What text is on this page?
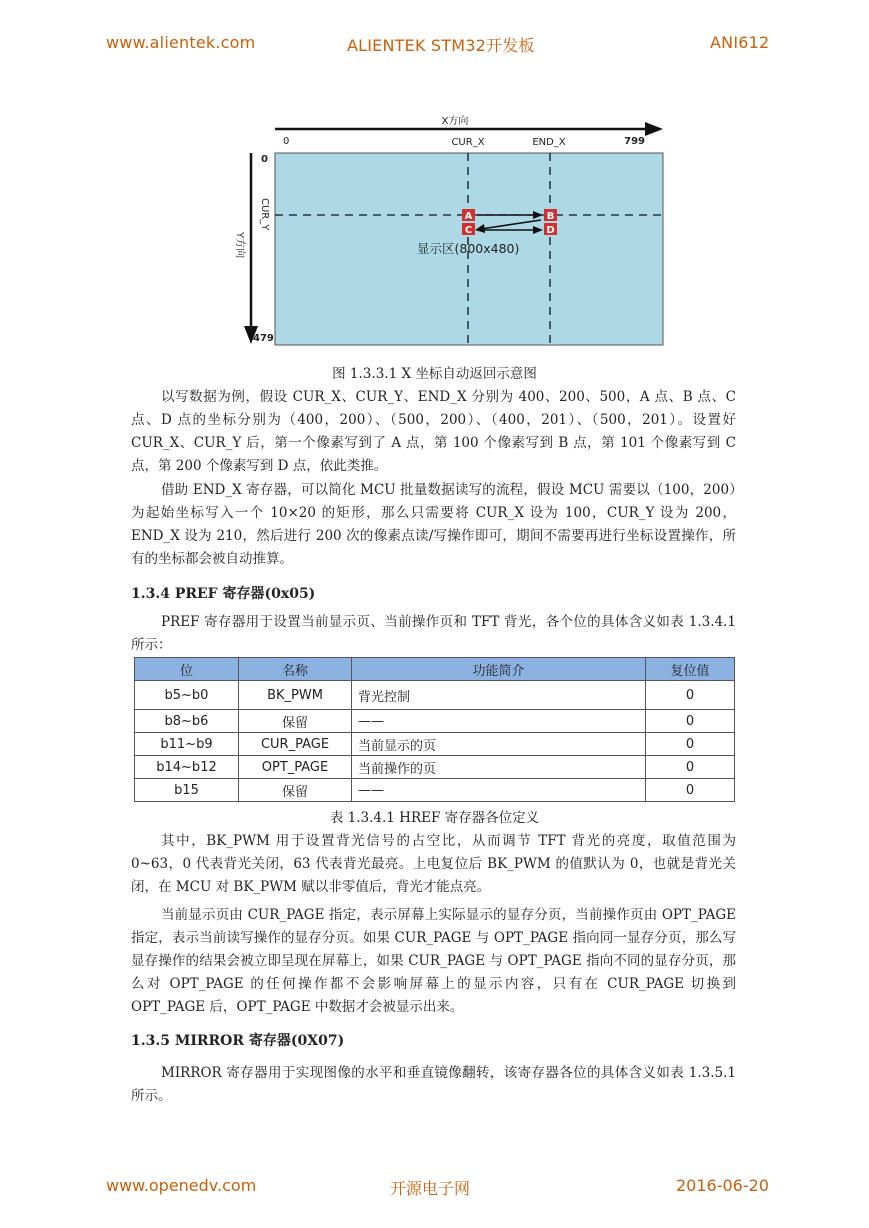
www.alientek.com	ALIENTEK STM32开发板	ANI612
X方向
0	799
CUR_X	END_X
0
479
CUR_Y
Y方向
A	B
C	D
显示区(800x480)
图 1.3.3.1 X 坐标自动返回示意图

以写数据为例，假设 CUR_X、CUR_Y、END_X 分别为 400、200、500，A 点、B 点、C 点、D 点的坐标分别为（400，200）、（500，200）、（400，201）、（500，201）。设置好 CUR_X、CUR_Y 后，第一个像素写到了 A 点，第 100 个像素写到 B 点，第 101 个像素写到 C 点，第 200 个像素写到 D 点，依此类推。

借助 END_X 寄存器，可以简化 MCU 批量数据读写的流程，假设 MCU 需要以（100，200）为起始坐标写入一个 10×20 的矩形，那么只需要将 CUR_X 设为 100，CUR_Y 设为 200，END_X 设为 210，然后进行 200 次的像素点读/写操作即可，期间不需要再进行坐标设置操作，所有的坐标都会被自动推算。

1.3.4 PREF 寄存器(0x05)

PREF 寄存器用于设置当前显示页、当前操作页和 TFT 背光，各个位的具体含义如表 1.3.4.1 所示：

位	名称	功能简介	复位值
b5~b0	BK_PWM	背光控制	0
b8~b6	保留	——	0
b11~b9	CUR_PAGE	当前显示的页	0
b14~b12	OPT_PAGE	当前操作的页	0
b15	保留	——	0
表 1.3.4.1 HREF 寄存器各位定义

其中，BK_PWM 用于设置背光信号的占空比，从而调节 TFT 背光的亮度，取值范围为 0~63，0 代表背光关闭，63 代表背光最亮。上电复位后 BK_PWM 的值默认为 0，也就是背光关闭，在 MCU 对 BK_PWM 赋以非零值后，背光才能点亮。

当前显示页由 CUR_PAGE 指定，表示屏幕上实际显示的显存分页，当前操作页由 OPT_PAGE 指定，表示当前读写操作的显存分页。如果 CUR_PAGE 与 OPT_PAGE 指向同一显存分页，那么写显存操作的结果会被立即呈现在屏幕上，如果 CUR_PAGE 与 OPT_PAGE 指向不同的显存分页，那么对 OPT_PAGE 的任何操作都不会影响屏幕上的显示内容，只有在 CUR_PAGE 切换到 OPT_PAGE 后，OPT_PAGE 中数据才会被显示出来。

1.3.5 MIRROR 寄存器(0X07)

MIRROR 寄存器用于实现图像的水平和垂直镜像翻转，该寄存器各位的具体含义如表 1.3.5.1 所示。

www.openedv.com	开源电子网	2016-06-20
